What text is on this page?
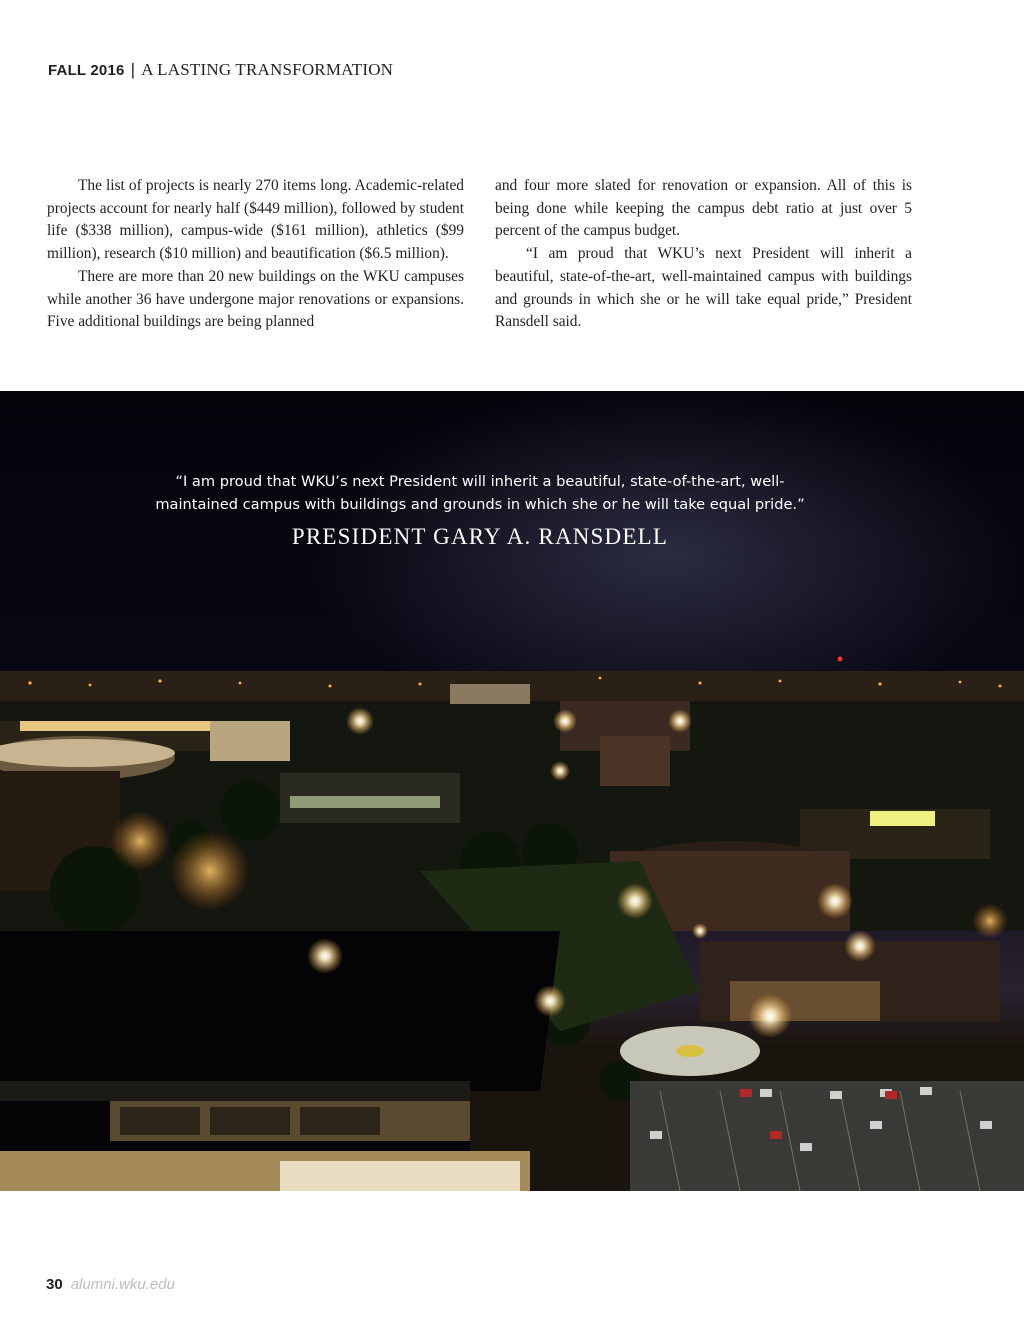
FALL 2016 | A LASTING TRANSFORMATION

The list of projects is nearly 270 items long. Academic-related projects account for nearly half ($449 million), followed by student life ($338 million), campus-wide ($161 million), athletics ($99 million), research ($10 million) and beautification ($6.5 million).

There are more than 20 new buildings on the WKU campuses while another 36 have undergone major renovations or expansions. Five additional buildings are being planned

and four more slated for renovation or expansion. All of this is being done while keeping the campus debt ratio at just over 5 percent of the campus budget.

“I am proud that WKU’s next President will inherit a beautiful, state-of-the-art, well-maintained campus with buildings and grounds in which she or he will take equal pride,” President Ransdell said.

“I am proud that WKU’s next President will inherit a beautiful, state-of-the-art, well-
maintained campus with buildings and grounds in which she or he will take equal pride.”
PRESIDENT GARY A. RANSDELL
30 alumni.wku.edu
